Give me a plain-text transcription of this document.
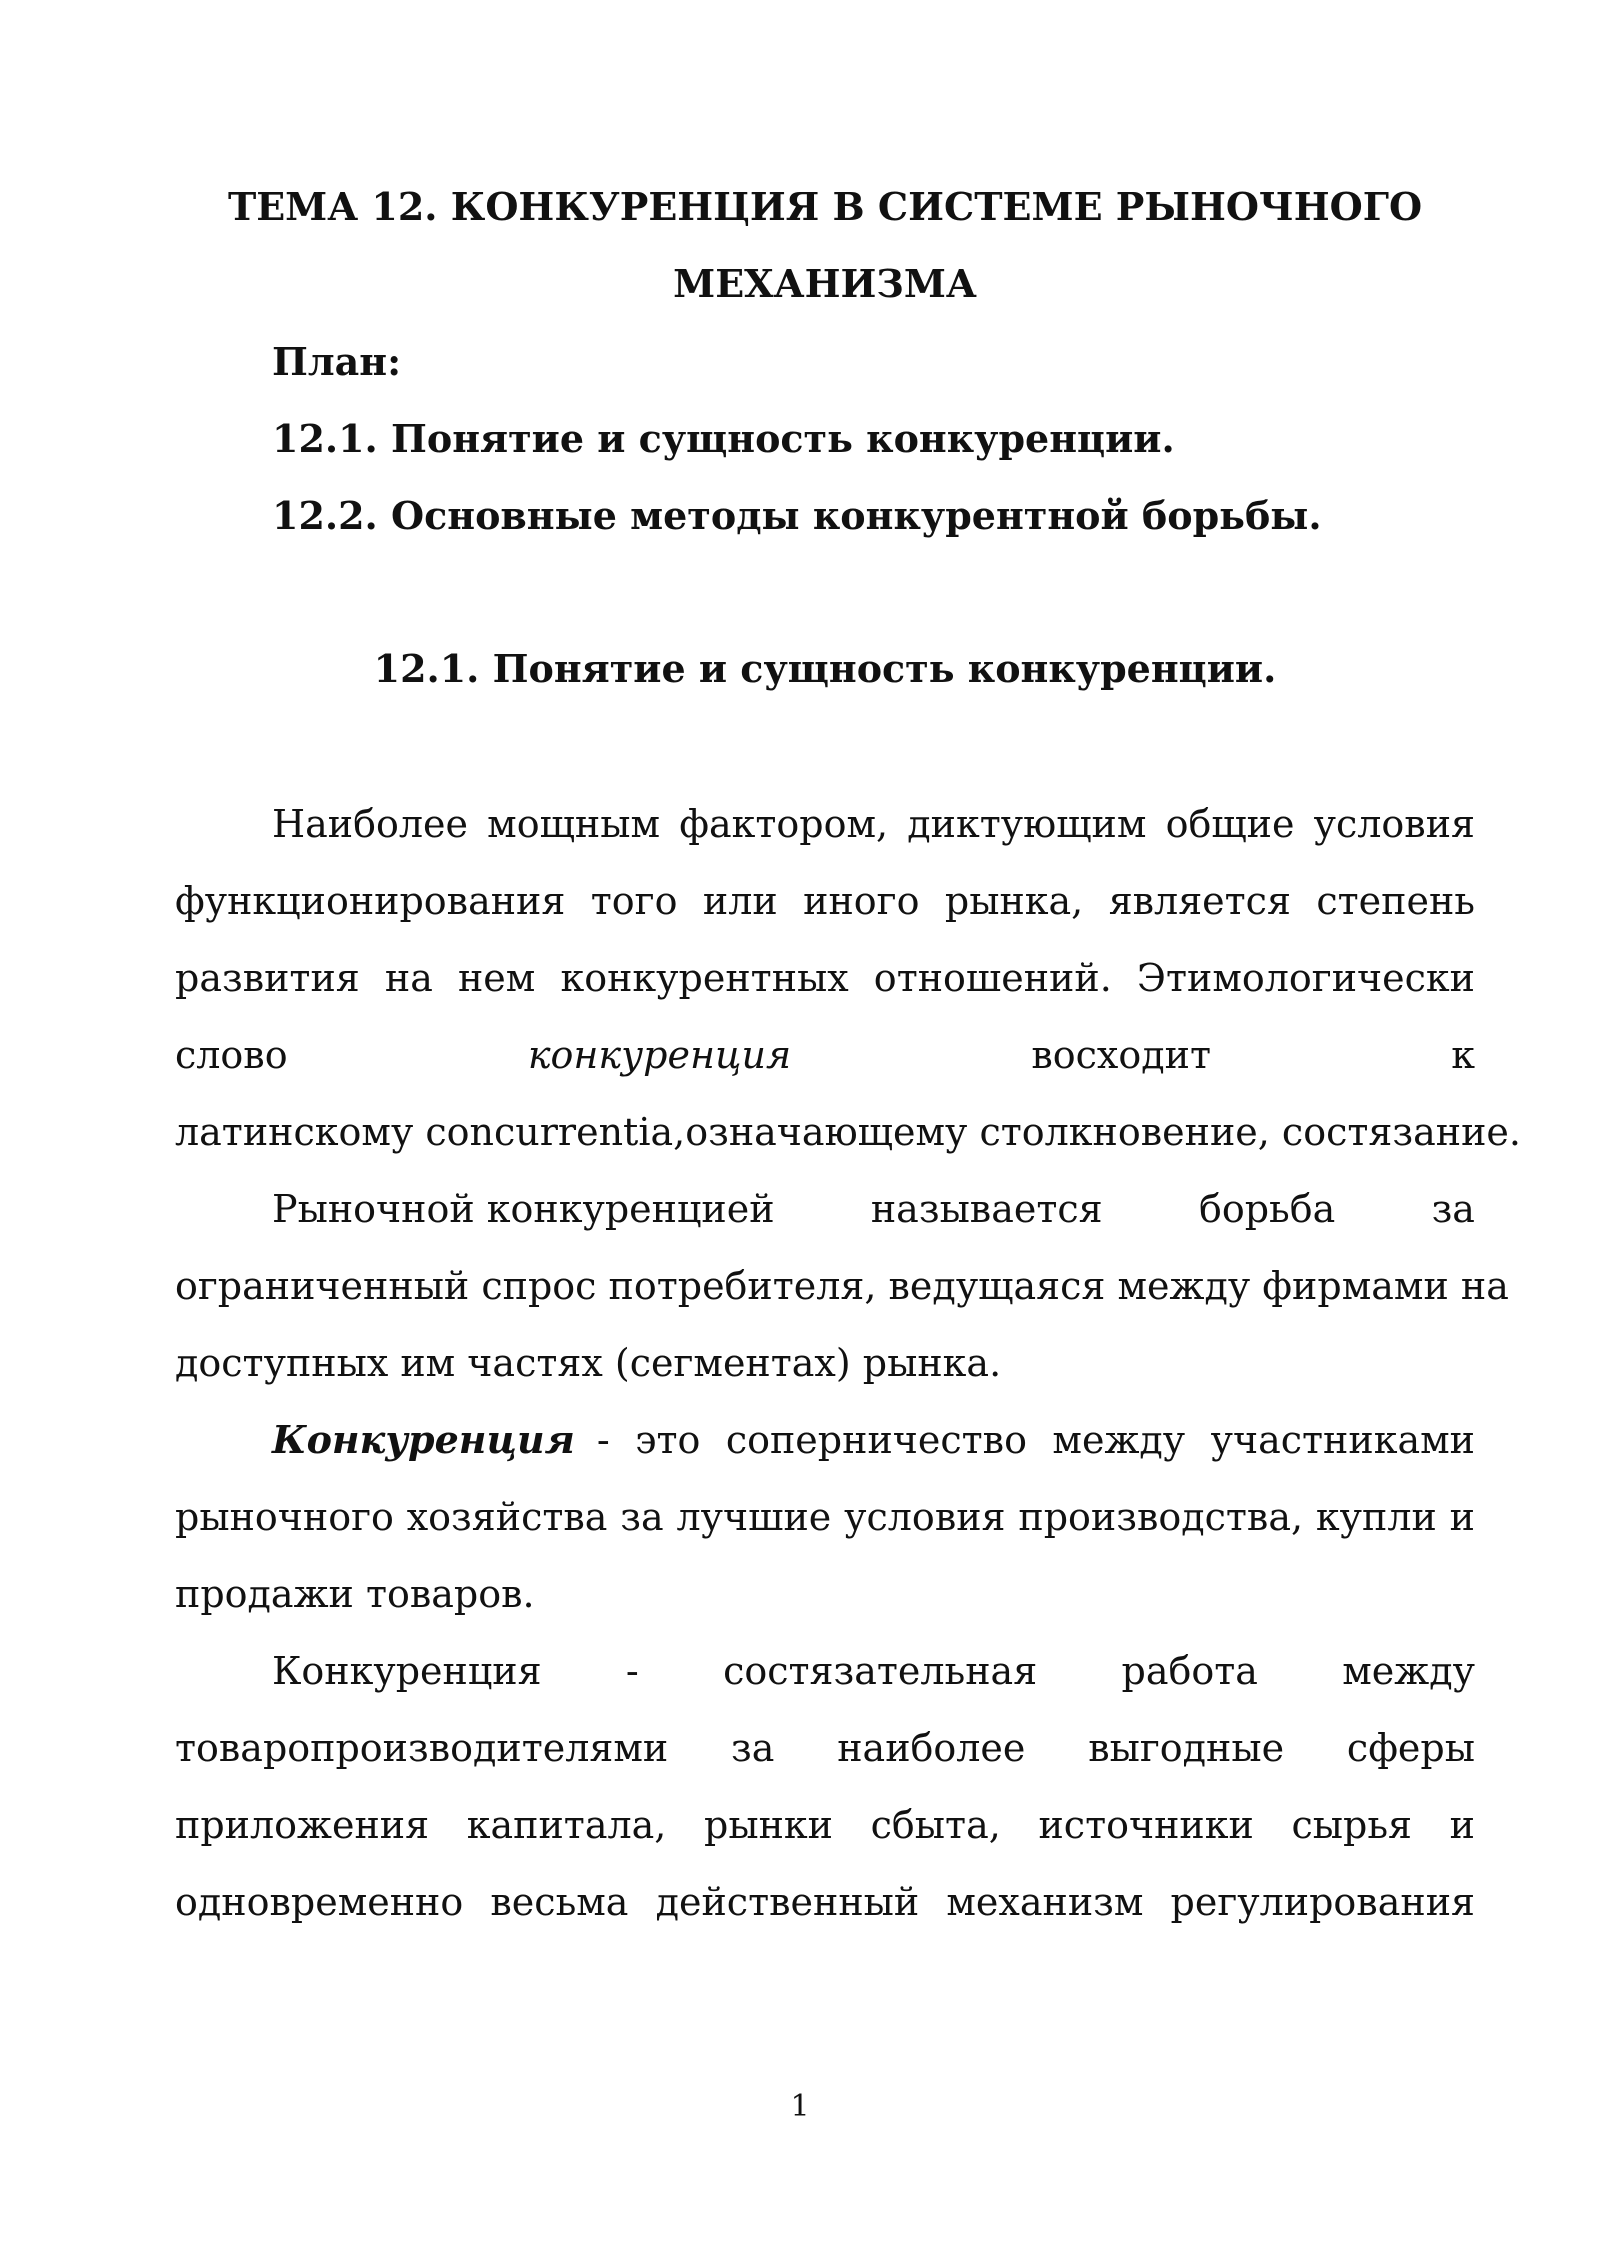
ТЕМА 12. КОНКУРЕНЦИЯ В СИСТЕМЕ РЫНОЧНОГО
МЕХАНИЗМА
План:
12.1. Понятие и сущность конкуренции.
12.2. Основные методы конкурентной борьбы.
12.1. Понятие и сущность конкуренции.
Наиболее мощным фактором, диктующим общие условия
функционирования того или иного рынка, является степень
развития на нем конкурентных отношений. Этимологически
слово	конкуренция	восходит	к
латинскому concurrentia,означающему столкновение, состязание.
Рыночной конкуренцией	называется	борьба	за
ограниченный спрос потребителя, ведущаяся между фирмами на
доступных им частях (сегментах) рынка.
Конкуренция - это соперничество между участниками
рыночного хозяйства за лучшие условия производства, купли и
продажи товаров.
Конкуренция - состязательная работа между
товаропроизводителями за наиболее выгодные сферы
приложения капитала, рынки сбыта, источники сырья и
одновременно весьма действенный механизм регулирования
1
